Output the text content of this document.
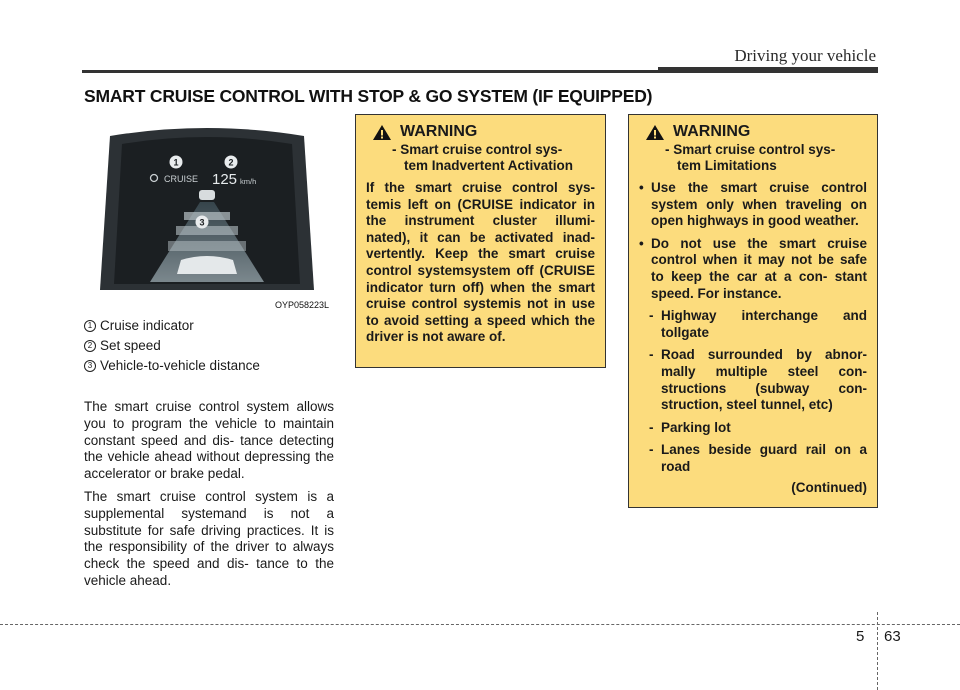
Driving your vehicle
SMART CRUISE CONTROL WITH STOP & GO SYSTEM (IF EQUIPPED)
CRUISE 125 km/h
1	2
3
OYP058223L
1 Cruise indicator
2 Set speed
3 Vehicle-to-vehicle distance

The smart cruise control system allows you to program the vehicle to maintain constant speed and dis- tance detecting the vehicle ahead without depressing the accelerator or brake pedal.

The smart cruise control system is a supplemental systemand is not a substitute for safe driving practices. It is the responsibility of the driver to always check the speed and dis- tance to the vehicle ahead.

WARNING
- Smart cruise control sys-
tem Inadvertent Activation
If the smart cruise control sys- temis left on (CRUISE indicator in the instrument cluster illumi- nated), it can be activated inad- vertently. Keep the smart cruise control systemsystem off (CRUISE indicator turn off) when the smart cruise control systemis not in use to avoid setting a speed which the driver is not aware of.
WARNING
- Smart cruise control sys-
tem Limitations
• Use the smart cruise control system only when traveling on open highways in good weather.
• Do not use the smart cruise control when it may not be safe to keep the car at a con- stant speed. For instance.
- Highway interchange and tollgate
- Road surrounded by abnor- mally multiple steel con- structions (subway con- struction, steel tunnel, etc)
- Parking lot
- Lanes beside guard rail on a road
(Continued)
5 63
